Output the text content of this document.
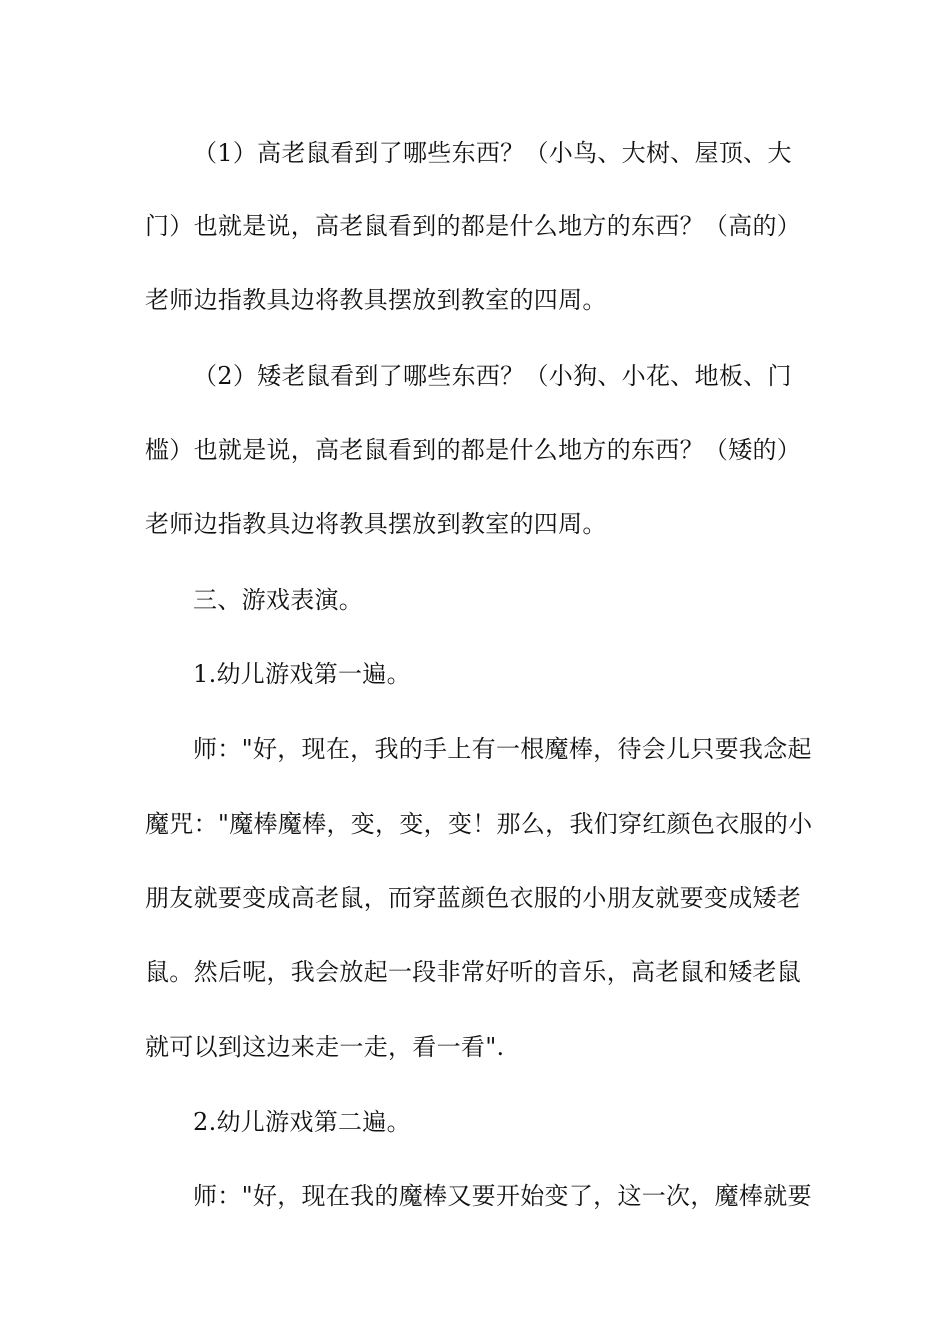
（1）高老鼠看到了哪些东西？（小鸟、大树、屋顶、大
门）也就是说，高老鼠看到的都是什么地方的东西？（高的）
老师边指教具边将教具摆放到教室的四周。
（2）矮老鼠看到了哪些东西？（小狗、小花、地板、门
槛）也就是说，高老鼠看到的都是什么地方的东西？（矮的）
老师边指教具边将教具摆放到教室的四周。
三、游戏表演。
1.幼儿游戏第一遍。
师："好，现在，我的手上有一根魔棒，待会儿只要我念起
魔咒："魔棒魔棒，变，变，变！那么，我们穿红颜色衣服的小
朋友就要变成高老鼠，而穿蓝颜色衣服的小朋友就要变成矮老
鼠。然后呢，我会放起一段非常好听的音乐，高老鼠和矮老鼠
就可以到这边来走一走，看一看".
2.幼儿游戏第二遍。
师："好，现在我的魔棒又要开始变了，这一次，魔棒就要
